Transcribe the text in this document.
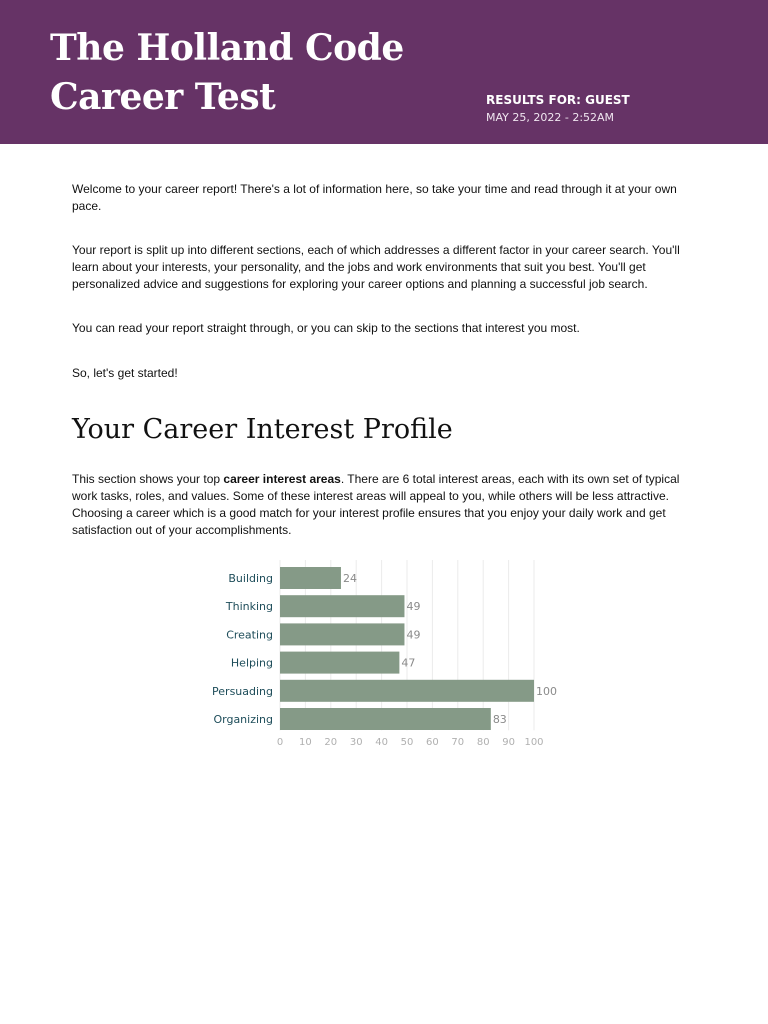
The Holland Code
Career Test	RESULTS FOR: GUEST
MAY 25, 2022 - 2:52AM

Welcome to your career report! There's a lot of information here, so take your time and read through it at your own pace.

Your report is split up into different sections, each of which addresses a different factor in your career search. You'll learn about your interests, your personality, and the jobs and work environments that suit you best. You'll get personalized advice and suggestions for exploring your career options and planning a successful job search.

You can read your report straight through, or you can skip to the sections that interest you most.

So, let's get started!

Your Career Interest Profile

This section shows your top career interest areas. There are 6 total interest areas, each with its own set of typical work tasks, roles, and values. Some of these interest areas will appeal to you, while others will be less attractive. Choosing a career which is a good match for your interest profile ensures that you enjoy your daily work and get satisfaction out of your accomplishments.

Building	24
Thinking	49
Creating	49
Helping	47
Persuading	100
Organizing	83
0 10 20 30 40 50 60 70 80 90 100
